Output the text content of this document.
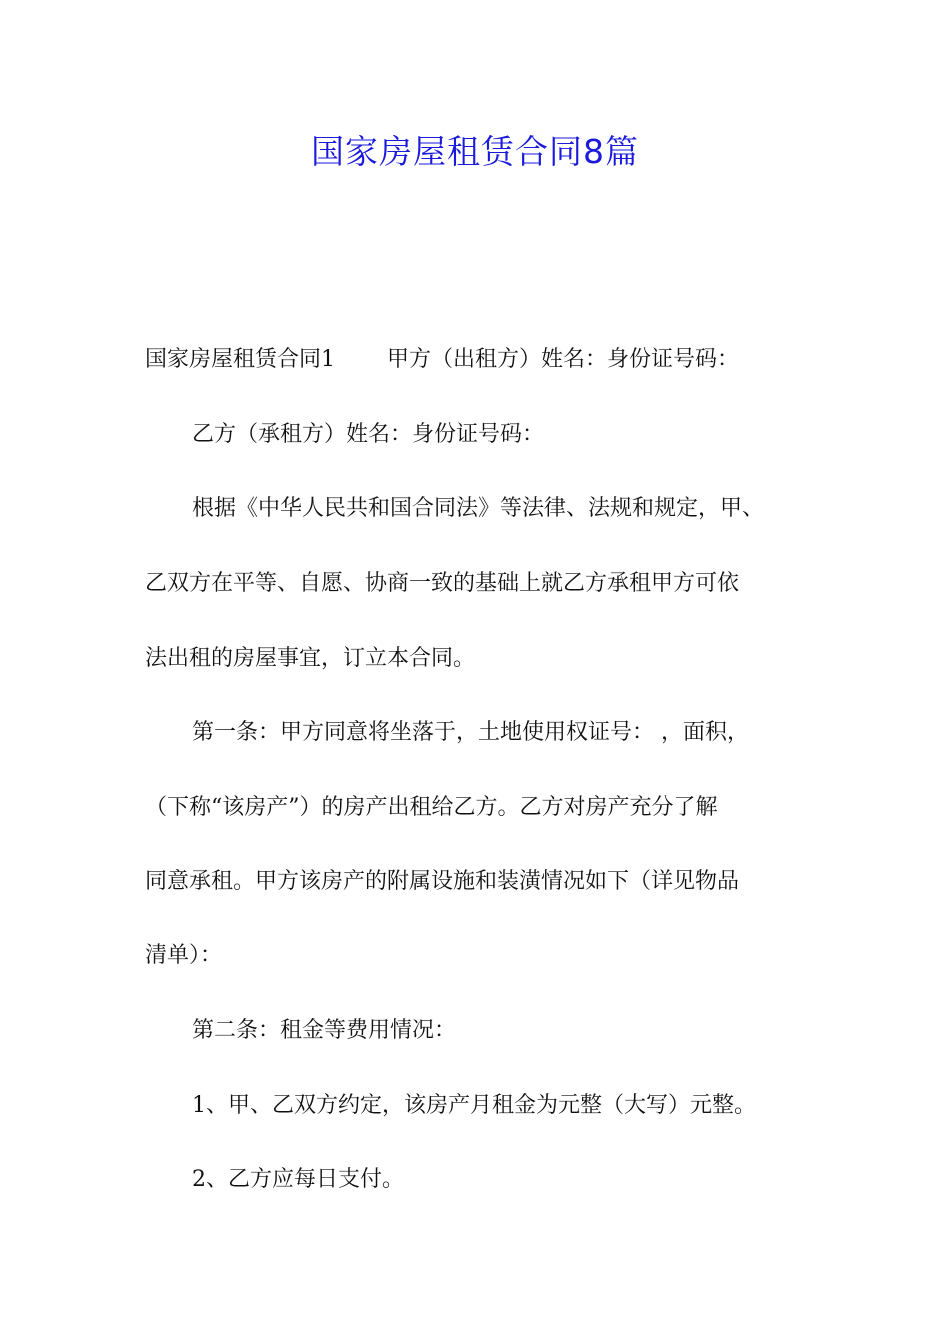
国家房屋租赁合同8篇

国家房屋租赁合同1 甲方（出租方）姓名：身份证号码：

乙方（承租方）姓名：身份证号码：

根据《中华人民共和国合同法》等法律、法规和规定，甲、

乙双方在平等、自愿、协商一致的基础上就乙方承租甲方可依

法出租的房屋事宜，订立本合同。

第一条：甲方同意将坐落于，土地使用权证号： ，面积，

（下称“该房产”）的房产出租给乙方。乙方对房产充分了解

同意承租。甲方该房产的附属设施和装潢情况如下（详见物品

清单）：

第二条：租金等费用情况：

1、甲、乙双方约定，该房产月租金为元整（大写）元整。

2、乙方应每日支付。
